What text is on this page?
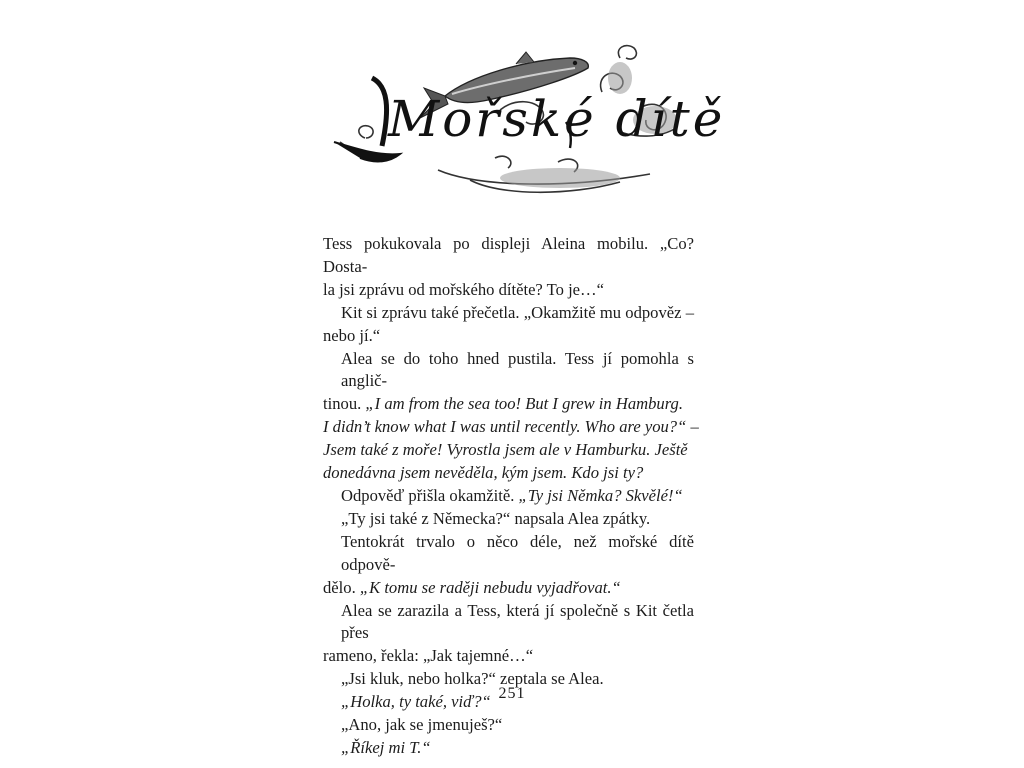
Mořské dítě
Tess pokukovala po displeji Aleina mobilu. „Co? Dosta-
la jsi zprávu od mořského dítěte? To je…“
Kit si zprávu také přečetla. „Okamžitě mu odpověz –
nebo jí.“
Alea se do toho hned pustila. Tess jí pomohla s anglič-
tinou. „I am from the sea too! But I grew in Hamburg.
I didn’t know what I was until recently. Who are you?“ –
Jsem také z moře! Vyrostla jsem ale v Hamburku. Ještě
donedávna jsem nevěděla, kým jsem. Kdo jsi ty?
Odpověď přišla okamžitě. „Ty jsi Němka? Skvělé!“
„Ty jsi také z Německa?“ napsala Alea zpátky.
Tentokrát trvalo o něco déle, než mořské dítě odpově-
dělo. „K tomu se raději nebudu vyjadřovat.“
Alea se zarazila a Tess, která jí společně s Kit četla přes
rameno, řekla: „Jak tajemné…“
„Jsi kluk, nebo holka?“ zeptala se Alea.
„Holka, ty také, viď?“
„Ano, jak se jmenuješ?“
„Říkej mi T.“
251
